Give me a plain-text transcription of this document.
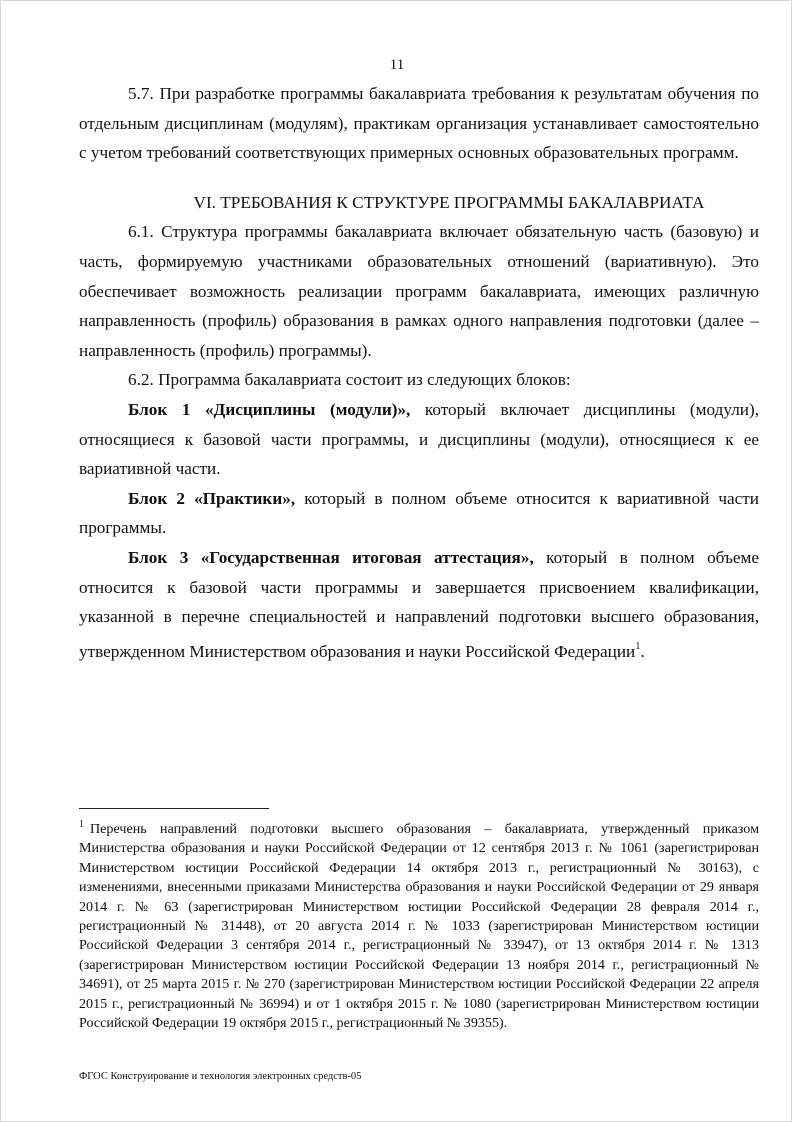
11

5.7. При разработке программы бакалавриата требования к результатам обучения по отдельным дисциплинам (модулям), практикам организация устанавливает самостоятельно с учетом требований соответствующих примерных основных образовательных программ.

VI. ТРЕБОВАНИЯ К СТРУКТУРЕ ПРОГРАММЫ БАКАЛАВРИАТА

6.1. Структура программы бакалавриата включает обязательную часть (базовую) и часть, формируемую участниками образовательных отношений (вариативную). Это обеспечивает возможность реализации программ бакалавриата, имеющих различную направленность (профиль) образования в рамках одного направления подготовки (далее – направленность (профиль) программы).

6.2. Программа бакалавриата состоит из следующих блоков:

Блок 1 «Дисциплины (модули)», который включает дисциплины (модули), относящиеся к базовой части программы, и дисциплины (модули), относящиеся к ее вариативной части.

Блок 2 «Практики», который в полном объеме относится к вариативной части программы.

Блок 3 «Государственная итоговая аттестация», который в полном объеме относится к базовой части программы и завершается присвоением квалификации, указанной в перечне специальностей и направлений подготовки высшего образования, утвержденном Министерством образования и науки Российской Федерации$^1$.

$^1$ Перечень направлений подготовки высшего образования – бакалавриата, утвержденный приказом Министерства образования и науки Российской Федерации от 12 сентября 2013 г. № 1061 (зарегистрирован Министерством юстиции Российской Федерации 14 октября 2013 г., регистрационный № 30163), с изменениями, внесенными приказами Министерства образования и науки Российской Федерации от 29 января 2014 г. № 63 (зарегистрирован Министерством юстиции Российской Федерации 28 февраля 2014 г., регистрационный № 31448), от 20 августа 2014 г. № 1033 (зарегистрирован Министерством юстиции Российской Федерации 3 сентября 2014 г., регистрационный № 33947), от 13 октября 2014 г. № 1313 (зарегистрирован Министерством юстиции Российской Федерации 13 ноября 2014 г., регистрационный № 34691), от 25 марта 2015 г. № 270 (зарегистрирован Министерством юстиции Российской Федерации 22 апреля 2015 г., регистрационный № 36994) и от 1 октября 2015 г. № 1080 (зарегистрирован Министерством юстиции Российской Федерации 19 октября 2015 г., регистрационный № 39355).
ФГОС Конструирование и технология электронных средств-05
